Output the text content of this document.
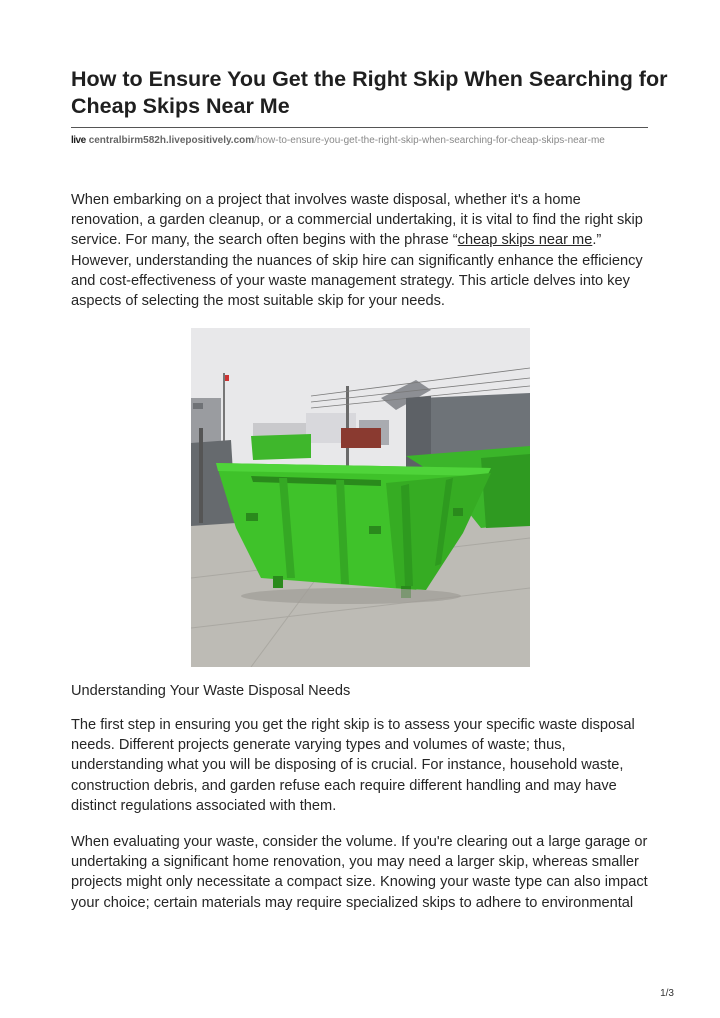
How to Ensure You Get the Right Skip When Searching for Cheap Skips Near Me
live centralbirm582h.livepositively.com/how-to-ensure-you-get-the-right-skip-when-searching-for-cheap-skips-near-me

When embarking on a project that involves waste disposal, whether it's a home renovation, a garden cleanup, or a commercial undertaking, it is vital to find the right skip service. For many, the search often begins with the phrase “cheap skips near me.” However, understanding the nuances of skip hire can significantly enhance the efficiency and cost-effectiveness of your waste management strategy. This article delves into key aspects of selecting the most suitable skip for your needs.

Understanding Your Waste Disposal Needs

The first step in ensuring you get the right skip is to assess your specific waste disposal needs. Different projects generate varying types and volumes of waste; thus, understanding what you will be disposing of is crucial. For instance, household waste, construction debris, and garden refuse each require different handling and may have distinct regulations associated with them.

When evaluating your waste, consider the volume. If you're clearing out a large garage or undertaking a significant home renovation, you may need a larger skip, whereas smaller projects might only necessitate a compact size. Knowing your waste type can also impact your choice; certain materials may require specialized skips to adhere to environmental

1/3
